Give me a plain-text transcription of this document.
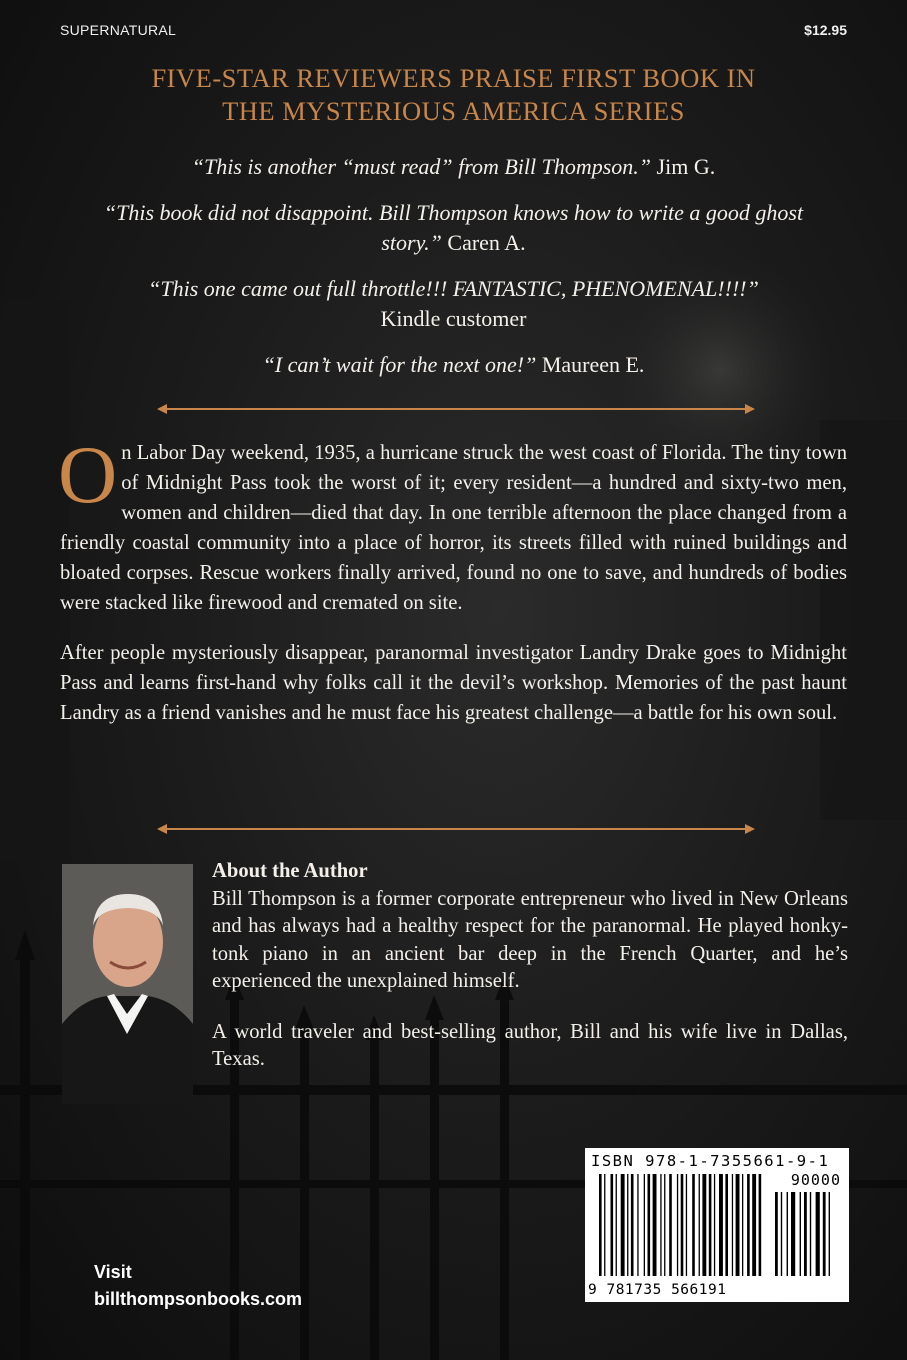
SUPERNATURAL	$12.95
FIVE-STAR REVIEWERS PRAISE FIRST BOOK IN
THE MYSTERIOUS AMERICA SERIES
“This is another “must read” from Bill Thompson.” Jim G.
“This book did not disappoint. Bill Thompson knows how to write a good ghost story.” Caren A.
“This one came out full throttle!!! FANTASTIC, PHENOMENAL!!!!”
Kindle customer
“I can’t wait for the next one!” Maureen E.

On Labor Day weekend, 1935, a hurricane struck the west coast of Florida. The tiny town of Midnight Pass took the worst of it; every resident—a hundred and sixty-two men, women and children—died that day. In one terrible afternoon the place changed from a friendly coastal community into a place of horror, its streets filled with ruined buildings and bloated corpses. Rescue workers finally arrived, found no one to save, and hundreds of bodies were stacked like firewood and cremated on site.

After people mysteriously disappear, paranormal investigator Landry Drake goes to Midnight Pass and learns first-hand why folks call it the devil’s workshop. Memories of the past haunt Landry as a friend vanishes and he must face his greatest challenge—a battle for his own soul.

About the Author

Bill Thompson is a former corporate entrepreneur who lived in New Orleans and has always had a healthy respect for the paranormal. He played honky-tonk piano in an ancient bar deep in the French Quarter, and he’s experienced the unexplained himself.

A world traveler and best-selling author, Bill and his wife live in Dallas, Texas.

Visit
billthompsonbooks.com
ISBN 978-1-7355661-9-1
90000
9 781735 566191
